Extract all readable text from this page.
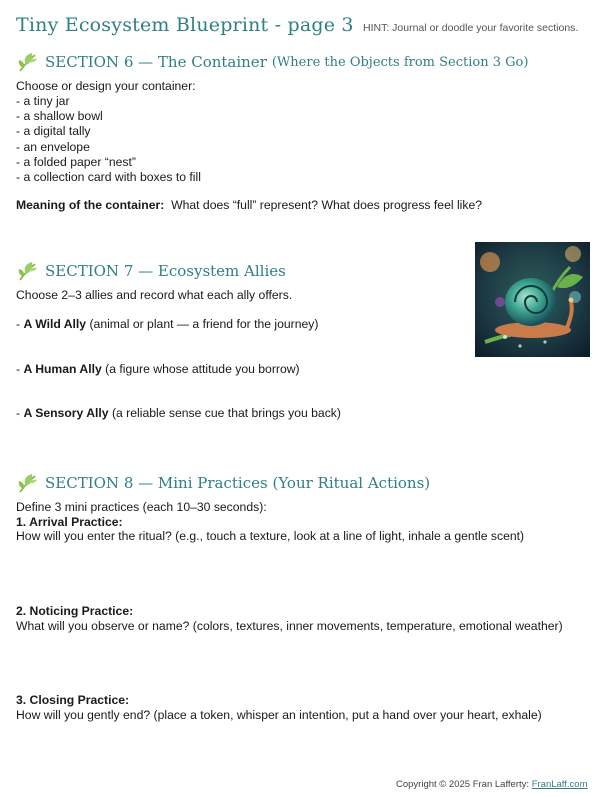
Tiny Ecosystem Blueprint - page 3 HINT: Journal or doodle your favorite sections.
SECTION 6 — The Container (Where the Objects from Section 3 Go)
Choose or design your container:
- a tiny jar
- a shallow bowl
- a digital tally
- an envelope
- a folded paper “nest”
- a collection card with boxes to fill
Meaning of the container: What does “full” represent? What does progress feel like?
SECTION 7 — Ecosystem Allies
Choose 2–3 allies and record what each ally offers.
- A Wild Ally (animal or plant — a friend for the journey)
- A Human Ally (a figure whose attitude you borrow)
- A Sensory Ally (a reliable sense cue that brings you back)
SECTION 8 — Mini Practices (Your Ritual Actions)
Define 3 mini practices (each 10–30 seconds):
1. Arrival Practice:
How will you enter the ritual? (e.g., touch a texture, look at a line of light, inhale a gentle scent)
2. Noticing Practice:
What will you observe or name? (colors, textures, inner movements, temperature, emotional weather)
3. Closing Practice:
How will you gently end? (place a token, whisper an intention, put a hand over your heart, exhale)
Copyright © 2025 Fran Lafferty: FranLaff.com
